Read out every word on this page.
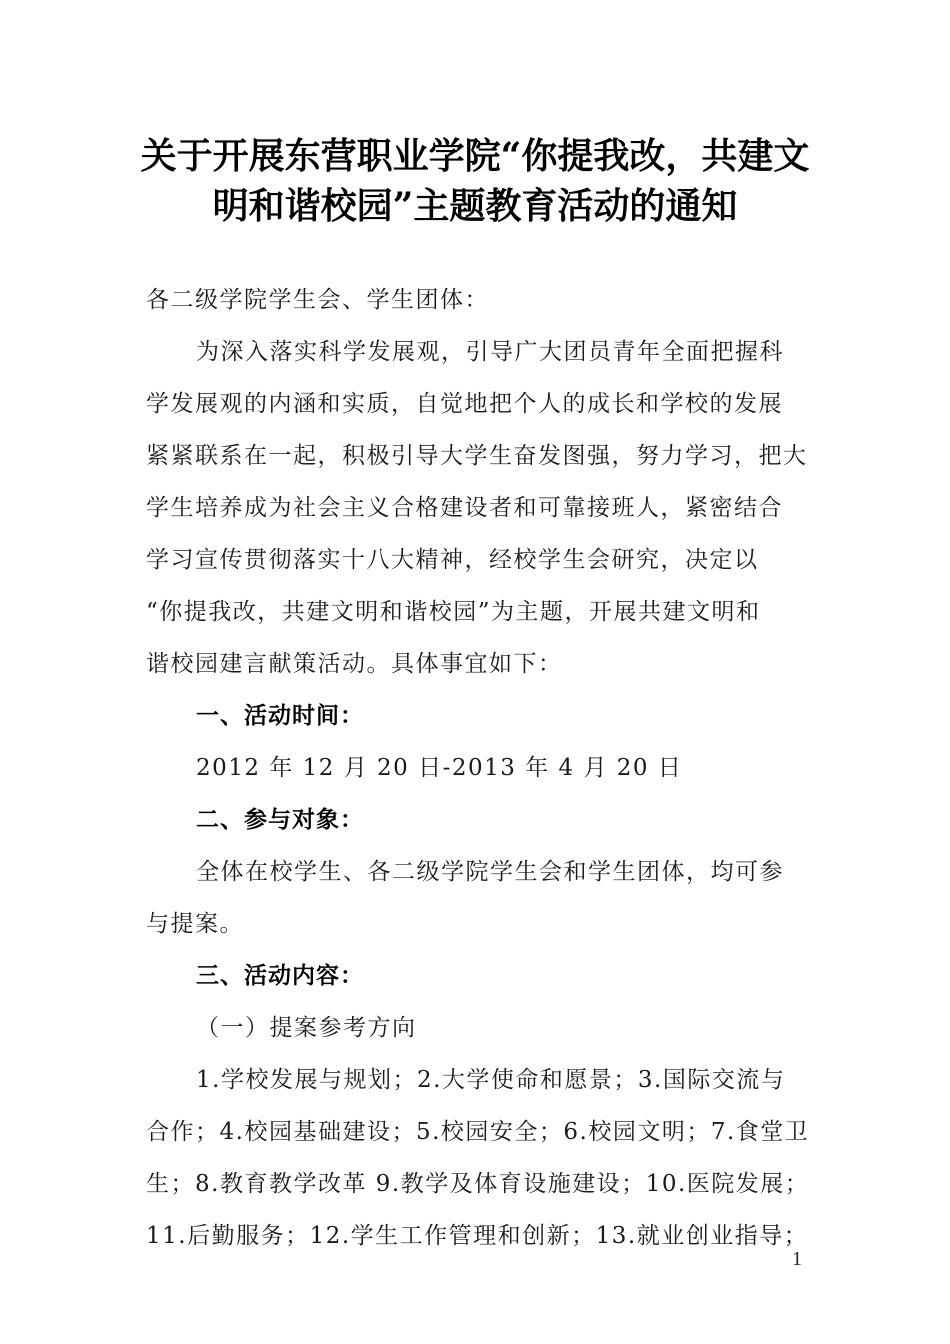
关于开展东营职业学院“你提我改，共建文
明和谐校园”主题教育活动的通知

各二级学院学生会、学生团体：

为深入落实科学发展观，引导广大团员青年全面把握科

学发展观的内涵和实质，自觉地把个人的成长和学校的发展

紧紧联系在一起，积极引导大学生奋发图强，努力学习，把大

学生培养成为社会主义合格建设者和可靠接班人，紧密结合

学习宣传贯彻落实十八大精神，经校学生会研究，决定以

“你提我改，共建文明和谐校园”为主题，开展共建文明和

谐校园建言献策活动。具体事宜如下：

一、活动时间：

2012 年 12 月 20 日-2013 年 4 月 20 日

二、参与对象：

全体在校学生、各二级学院学生会和学生团体，均可参

与提案。

三、活动内容：

（一）提案参考方向

1.学校发展与规划；2.大学使命和愿景；3.国际交流与

合作；4.校园基础建设；5.校园安全；6.校园文明；7.食堂卫

生；8.教育教学改革 9.教学及体育设施建设；10.医院发展；

11.后勤服务；12.学生工作管理和创新；13.就业创业指导；

1
